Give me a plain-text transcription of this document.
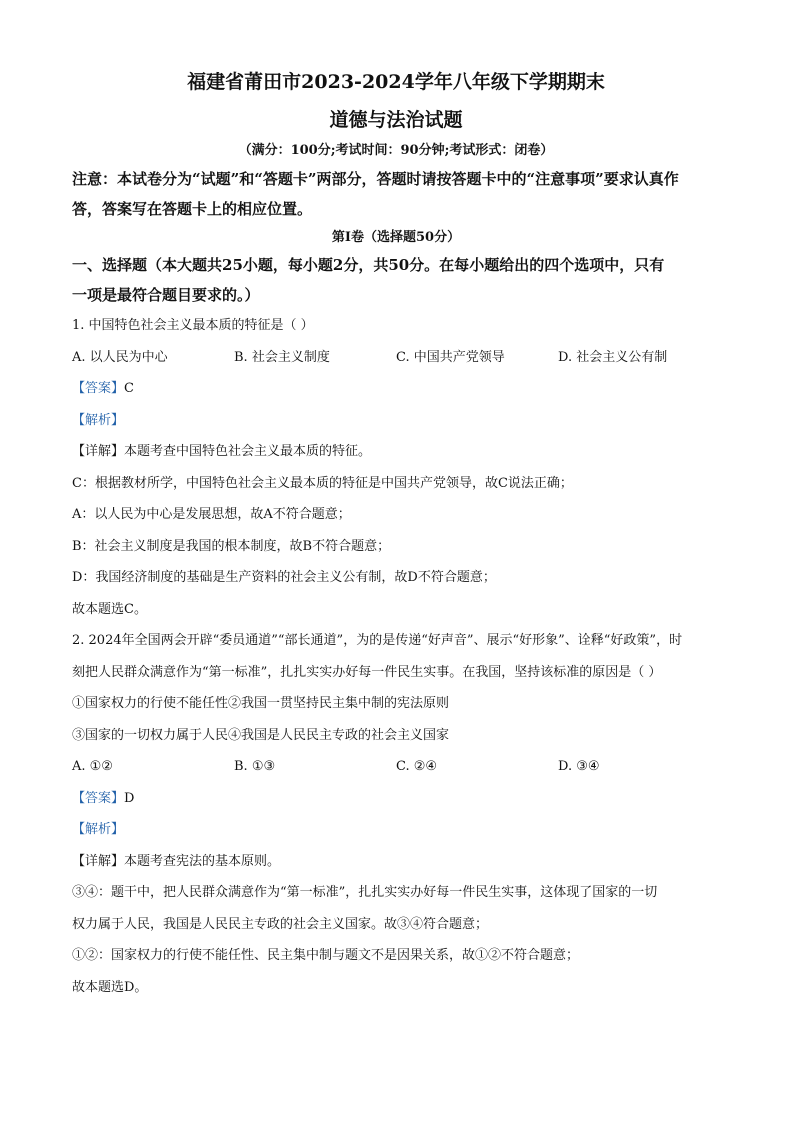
福建省莆田市2023-2024学年八年级下学期期末
道德与法治试题
（满分：100分;考试时间：90分钟;考试形式：闭卷）
注意：本试卷分为“试题”和“答题卡”两部分，答题时请按答题卡中的“注意事项”要求认真作
答，答案写在答题卡上的相应位置。
第Ⅰ卷（选择题50分）
一、选择题（本大题共25小题，每小题2分，共50分。在每小题给出的四个选项中，只有
一项是最符合题目要求的。）
1. 中国特色社会主义最本质的特征是（ ）
A. 以人民为中心	B. 社会主义制度	C. 中国共产党领导	D. 社会主义公有制
【答案】C
【解析】
【详解】本题考查中国特色社会主义最本质的特征。
C：根据教材所学，中国特色社会主义最本质的特征是中国共产党领导，故C说法正确；
A：以人民为中心是发展思想，故A不符合题意；
B：社会主义制度是我国的根本制度，故B不符合题意；
D：我国经济制度的基础是生产资料的社会主义公有制，故D不符合题意；
故本题选C。
2. 2024年全国两会开辟“委员通道”“部长通道”，为的是传递“好声音”、展示“好形象”、诠释“好政策”，时
刻把人民群众满意作为“第一标准”，扎扎实实办好每一件民生实事。在我国，坚持该标准的原因是（ ）
①国家权力的行使不能任性②我国一贯坚持民主集中制的宪法原则
③国家的一切权力属于人民④我国是人民民主专政的社会主义国家
A. ①②	B. ①③	C. ②④	D. ③④
【答案】D
【解析】
【详解】本题考查宪法的基本原则。
③④：题干中，把人民群众满意作为“第一标准”，扎扎实实办好每一件民生实事，这体现了国家的一切
权力属于人民，我国是人民民主专政的社会主义国家。故③④符合题意；
①②：国家权力的行使不能任性、民主集中制与题文不是因果关系，故①②不符合题意；
故本题选D。
